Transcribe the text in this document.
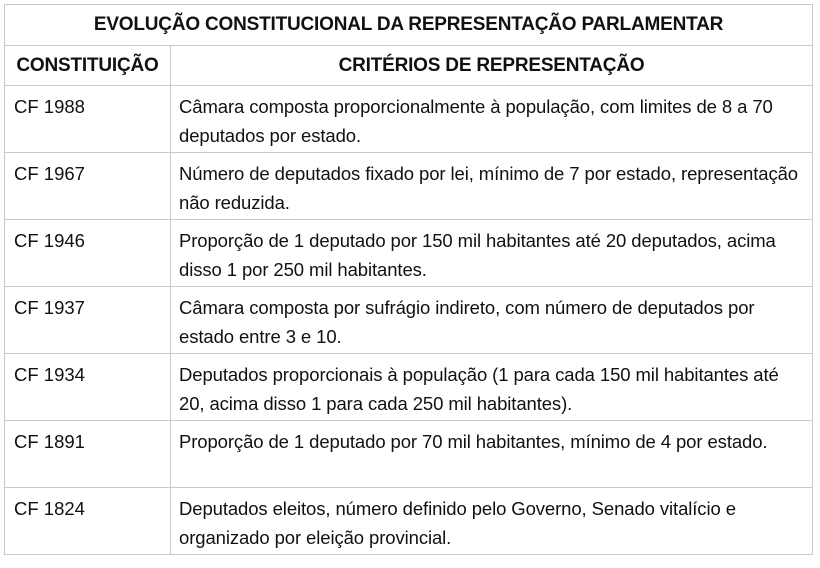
EVOLUÇÃO CONSTITUCIONAL DA REPRESENTAÇÃO PARLAMENTAR	
CONSTITUIÇÃO	CRITÉRIOS DE REPRESENTAÇÃO
CF 1988	Câmara composta proporcionalmente à população, com limites de 8 a 70 deputados por estado.
CF 1967	Número de deputados fixado por lei, mínimo de 7 por estado, representação não reduzida.
CF 1946	Proporção de 1 deputado por 150 mil habitantes até 20 deputados, acima disso 1 por 250 mil habitantes.
CF 1937	Câmara composta por sufrágio indireto, com número de deputados por estado entre 3 e 10.
CF 1934	Deputados proporcionais à população (1 para cada 150 mil habitantes até 20, acima disso 1 para cada 250 mil habitantes).
CF 1891	Proporção de 1 deputado por 70 mil habitantes, mínimo de 4 por estado.
CF 1824	Deputados eleitos, número definido pelo Governo, Senado vitalício e organizado por eleição provincial.
